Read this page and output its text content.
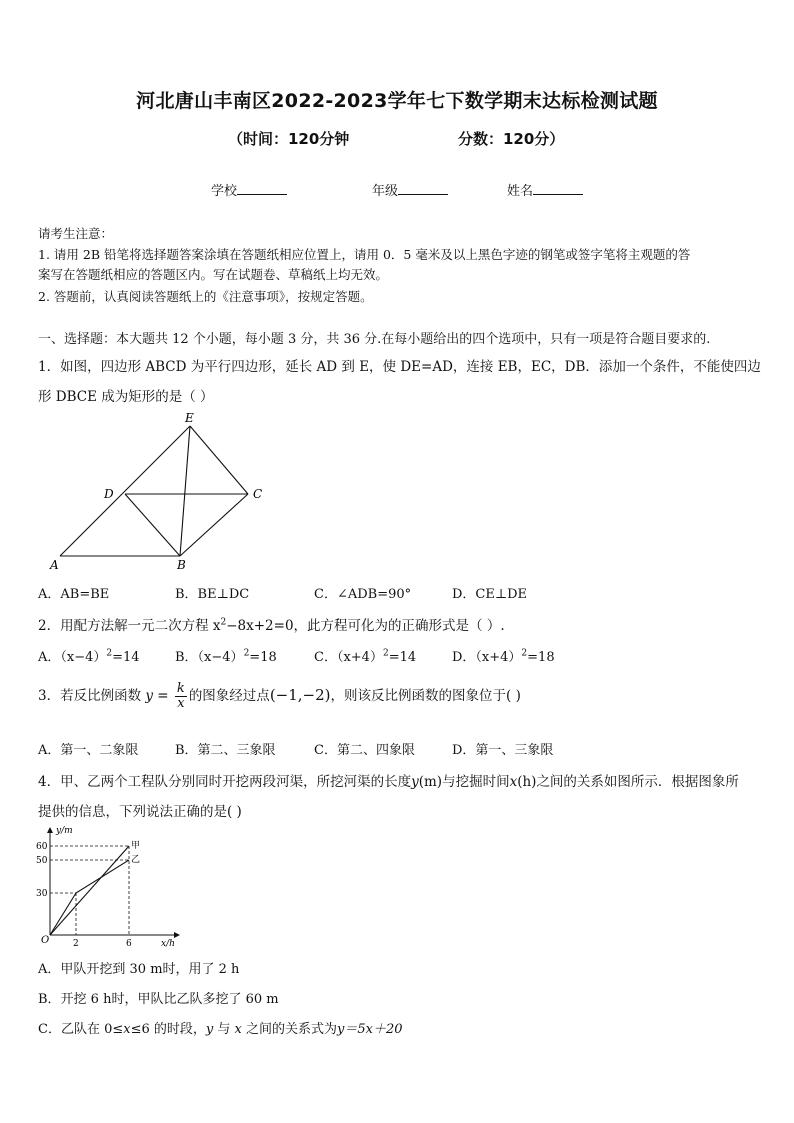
河北唐山丰南区2022-2023学年七下数学期末达标检测试题
（时间：120分钟	分数：120分）
学校	年级	姓名
请考生注意：
1. 请用 2B 铅笔将选择题答案涂填在答题纸相应位置上，请用 0．5 毫米及以上黑色字迹的钢笔或签字笔将主观题的答
案写在答题纸相应的答题区内。写在试题卷、草稿纸上均无效。
2. 答题前，认真阅读答题纸上的《注意事项》，按规定答题。
一、选择题：本大题共 12 个小题，每小题 3 分，共 36 分.在每小题给出的四个选项中，只有一项是符合题目要求的.
1．如图，四边形 ABCD 为平行四边形，延长 AD 到 E，使 DE=AD，连接 EB，EC，DB．添加一个条件，不能使四边
形 DBCE 成为矩形的是（ ）
E
D	C
A	B
A．AB=BE	B．BE⊥DC	C．∠ADB=90°	D．CE⊥DE
2．用配方法解一元二次方程 $x^2-8x+2=0$，此方程可化为的正确形式是（ ）.
A．$(x-4)^2=14$	B．$(x-4)^2=18$	C．$(x+4)^2=14$	D．$(x+4)^2=18$
3．若反比例函数 $y = \frac{k}{x}$ 的图象经过点(−1,−2)，则该反比例函数的图象位于( )
A．第一、二象限	B．第二、三象限	C．第二、四象限	D．第一、三象限
4．甲、乙两个工程队分别同时开挖两段河渠，所挖河渠的长度y(m)与挖掘时间x(h)之间的关系如图所示．根据图象所
提供的信息，下列说法正确的是( )
y/m
x/h
O
60
50
30
2	6
甲
乙
A．甲队开挖到 30 m时，用了 2 h
B．开挖 6 h时，甲队比乙队多挖了 60 m
C．乙队在 0≤x≤6 的时段，y 与 x 之间的关系式为y＝5x＋20
